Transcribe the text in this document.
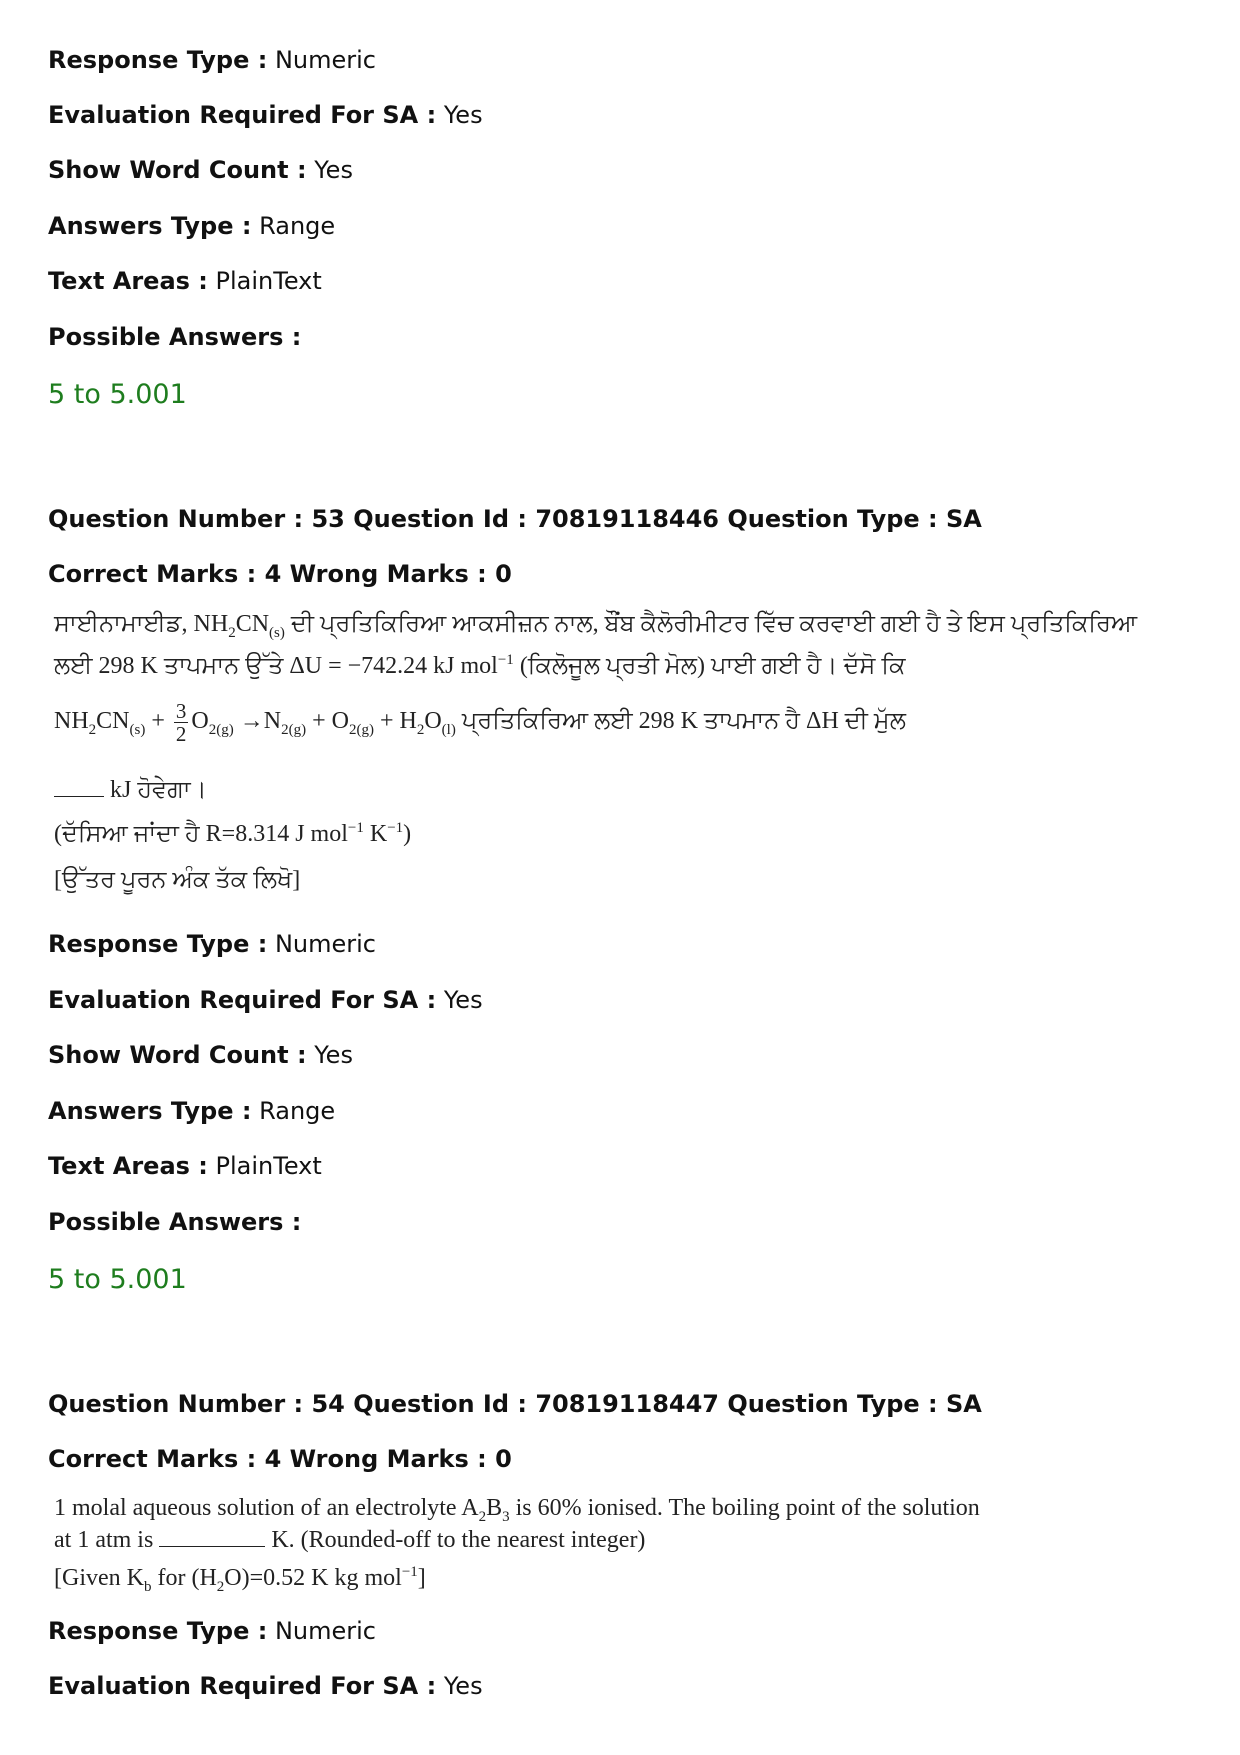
Response Type : Numeric
Evaluation Required For SA : Yes
Show Word Count : Yes
Answers Type : Range
Text Areas : PlainText
Possible Answers :
5 to 5.001
Question Number : 53 Question Id : 70819118446 Question Type : SA
Correct Marks : 4 Wrong Marks : 0
ਸਾਈਨਾਮਾਈਡ, $NH_2CN_{(s)}$ ਦੀ ਪ੍ਰਤਿਕਿਰਿਆ ਆਕਸੀਜ਼ਨ ਨਾਲ, ਬੌਂਬ ਕੈਲੋਰੀਮੀਟਰ ਵਿੱਚ ਕਰਵਾਈ ਗਈ ਹੈ ਤੇ ਇਸ ਪ੍ਰਤਿਕਿਰਿਆ
ਲਈ 298 K ਤਾਪਮਾਨ ਉੱਤੇ ΔU = −742.24 kJ mol$^{-1}$ (ਕਿਲੋਜੂਲ ਪ੍ਰਤੀ ਮੋਲ) ਪਾਈ ਗਈ ਹੈ। ਦੱਸੋ ਕਿ
$NH_2CN_{(s)} + \frac{3}{2} O_{2(g)} \to N_{2(g)} + O_{2(g)} + H_2O_{(l)}$ ਪ੍ਰਤਿਕਿਰਿਆ ਲਈ 298 K ਤਾਪਮਾਨ ਹੈ ΔH ਦੀ ਮੁੱਲ
kJ ਹੋਵੇਗਾ।
(ਦੱਸਿਆ ਜਾਂਦਾ ਹੈ R=8.314 J mol$^{-1}$ $K^{-1}$)
[ਉੱਤਰ ਪੂਰਨ ਅੰਕ ਤੱਕ ਲਿਖੋ]
Response Type : Numeric
Evaluation Required For SA : Yes
Show Word Count : Yes
Answers Type : Range
Text Areas : PlainText
Possible Answers :
5 to 5.001
Question Number : 54 Question Id : 70819118447 Question Type : SA
Correct Marks : 4 Wrong Marks : 0
1 molal aqueous solution of an electrolyte $A_2B_3$ is 60% ionised. The boiling point of the solution
at 1 atm is	K. (Rounded-off to the nearest integer)
[Given $K_b$ for $(H_2O)=0.52$ K kg mol$^{-1}$]
Response Type : Numeric
Evaluation Required For SA : Yes
